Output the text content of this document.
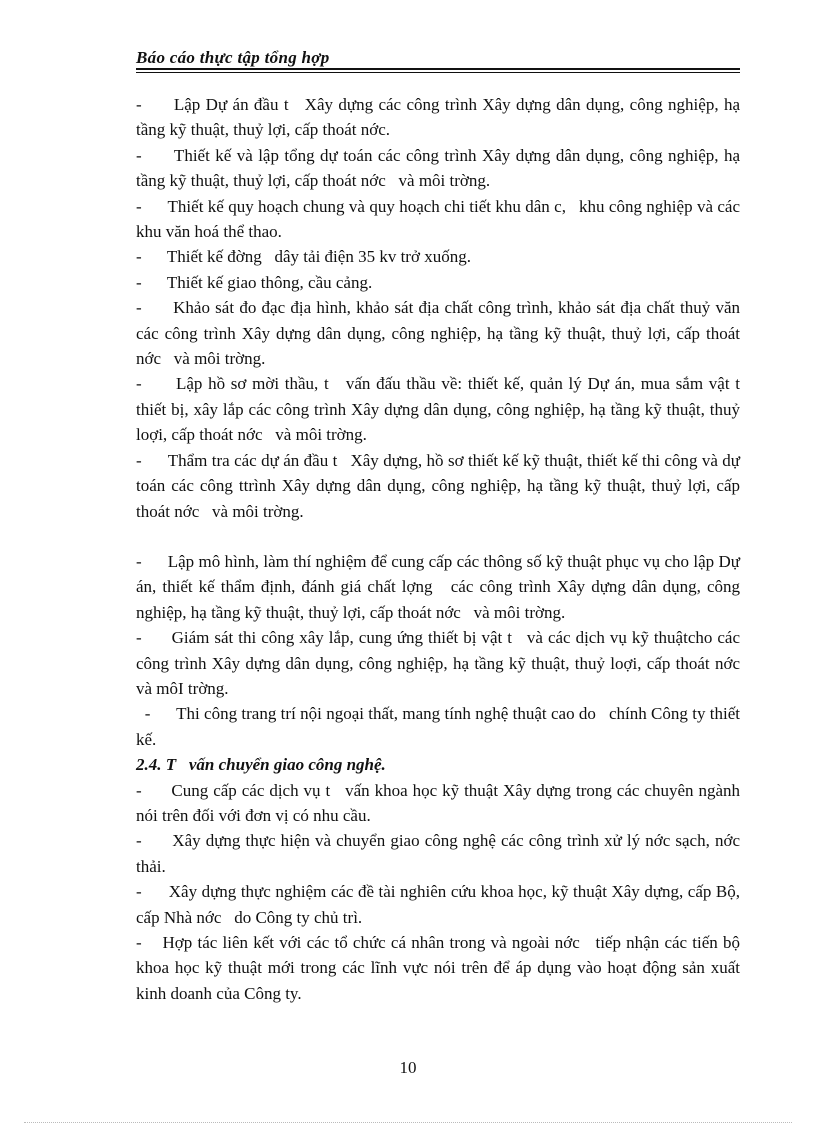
Báo cáo thực tập tổng hợp

-      Lập Dự án đầu t   Xây dựng các công trình Xây dựng dân dụng, công nghiệp, hạ tầng kỹ thuật, thuỷ lợi, cấp thoát nớc.

-      Thiết kế và lập tổng dự toán các công trình Xây dựng dân dụng, công nghiệp, hạ tầng kỹ thuật, thuỷ lợi, cấp thoát nớc   và môi trờng.

-      Thiết kế quy hoạch chung và quy hoạch chi tiết khu dân c,   khu công nghiệp và các khu văn hoá thể thao.

-      Thiết kế đờng   dây tải điện 35 kv trở xuống.

-      Thiết kế giao thông, cầu cảng.

-      Khảo sát đo đạc địa hình, khảo sát địa chất công trình, khảo sát địa chất thuỷ văn các công trình Xây dựng dân dụng, công nghiệp, hạ tầng kỹ thuật, thuỷ lợi, cấp thoát nớc   và môi trờng.

-      Lập hồ sơ mời thầu, t   vấn đấu thầu về: thiết kế, quản lý Dự án, mua sắm vật t   thiết bị, xây lắp các công trình Xây dựng dân dụng, công nghiệp, hạ tầng kỹ thuật, thuỷ loợi, cấp thoát nớc   và môi trờng.

-      Thẩm tra các dự án đầu t   Xây dựng, hồ sơ thiết kế kỹ thuật, thiết kế thi công và dự toán các công ttrình Xây dựng dân dụng, công nghiệp, hạ tầng kỹ thuật, thuỷ lợi, cấp thoát nớc   và môi trờng.

-      Lập mô hình, làm thí nghiệm để cung cấp các thông số kỹ thuật phục vụ cho lập Dự án, thiết kế thẩm định, đánh giá chất lợng   các công trình Xây dựng dân dụng, công nghiệp, hạ tầng kỹ thuật, thuỷ lợi, cấp thoát nớc   và môi trờng.

-      Giám sát thi công xây lắp, cung ứng thiết bị vật t   và các dịch vụ kỹ thuậtcho các công trình Xây dựng dân dụng, công nghiệp, hạ tầng kỹ thuật, thuỷ loợi, cấp thoát nớc   và môI trờng.

-      Thi công trang trí nội ngoại thất, mang tính nghệ thuật cao do   chính Công ty thiết kế.

2.4. T   vấn chuyển giao công nghệ.

-      Cung cấp các dịch vụ t   vấn khoa học kỹ thuật Xây dựng trong các chuyên ngành nói trên đối với đơn vị có nhu cầu.

-      Xây dựng thực hiện và chuyển giao công nghệ các công trình xử lý nớc sạch, nớc   thải.

-      Xây dựng thực nghiệm các đề tài nghiên cứu khoa học, kỹ thuật Xây dựng, cấp Bộ, cấp Nhà nớc   do Công ty chủ trì.

-    Hợp tác liên kết với các tổ chức cá nhân trong và ngoài nớc   tiếp nhận các tiến bộ khoa học kỹ thuật mới trong các lĩnh vực nói trên để áp dụng vào hoạt động sản xuất kinh doanh của Công ty.

10
